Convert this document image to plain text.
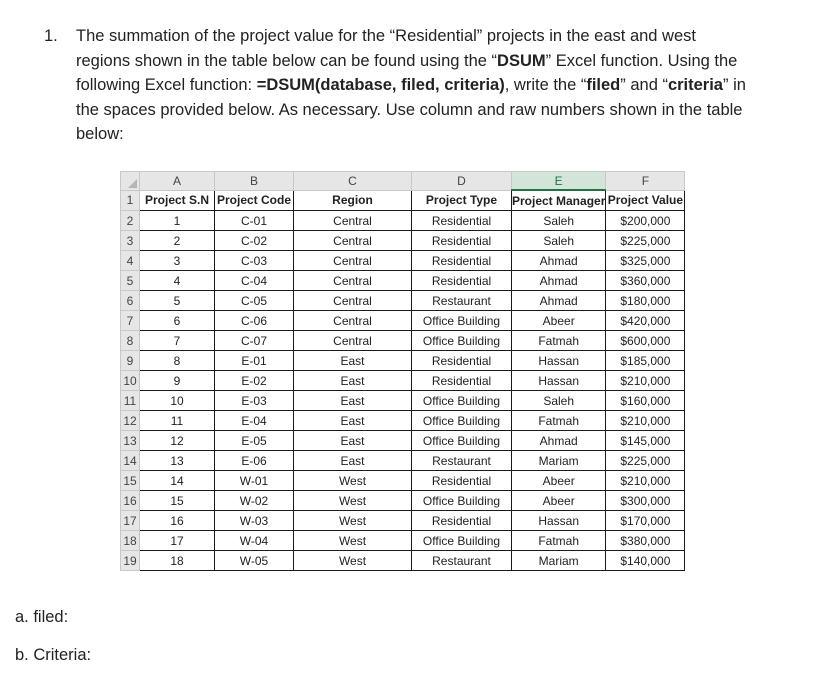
1. The summation of the project value for the “Residential” projects in the east and west
regions shown in the table below can be found using the “DSUM” Excel function. Using the
following Excel function: =DSUM(database, filed, criteria), write the “filed” and “criteria” in
the spaces provided below. As necessary. Use column and raw numbers shown in the table
below:
	A	B	C	D	E	F
1	Project S.N	Project Code	Region	Project Type	Project Manager	Project Value
2	1	C-01	Central	Residential	Saleh	$200,000
3	2	C-02	Central	Residential	Saleh	$225,000
4	3	C-03	Central	Residential	Ahmad	$325,000
5	4	C-04	Central	Residential	Ahmad	$360,000
6	5	C-05	Central	Restaurant	Ahmad	$180,000
7	6	C-06	Central	Office Building	Abeer	$420,000
8	7	C-07	Central	Office Building	Fatmah	$600,000
9	8	E-01	East	Residential	Hassan	$185,000
10	9	E-02	East	Residential	Hassan	$210,000
11	10	E-03	East	Office Building	Saleh	$160,000
12	11	E-04	East	Office Building	Fatmah	$210,000
13	12	E-05	East	Office Building	Ahmad	$145,000
14	13	E-06	East	Restaurant	Mariam	$225,000
15	14	W-01	West	Residential	Abeer	$210,000
16	15	W-02	West	Office Building	Abeer	$300,000
17	16	W-03	West	Residential	Hassan	$170,000
18	17	W-04	West	Office Building	Fatmah	$380,000
19	18	W-05	West	Restaurant	Mariam	$140,000
a. filed:
b. Criteria:
